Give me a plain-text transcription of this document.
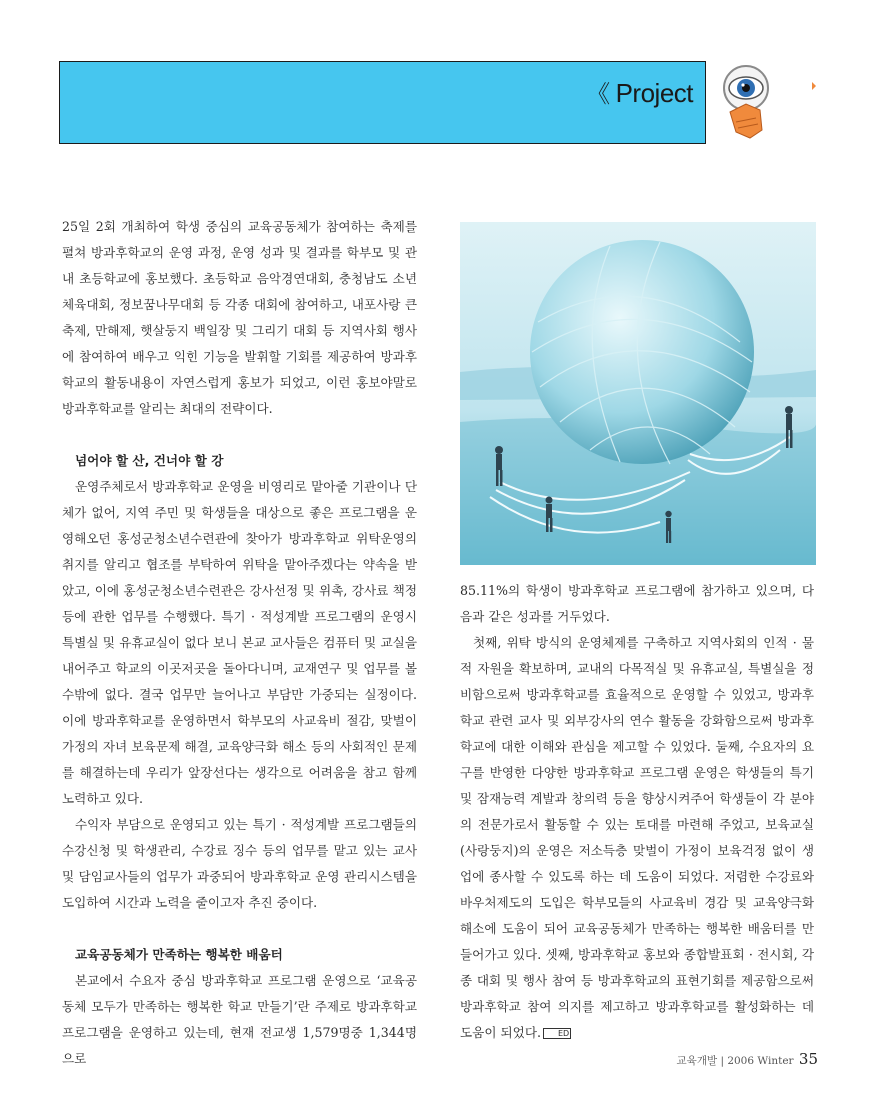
《 Project

25일 2회 개최하여 학생 중심의 교육공동체가 참여하는 축제를 펼쳐 방과후학교의 운영 과정, 운영 성과 및 결과를 학부모 및 관내 초등학교에 홍보했다. 초등학교 음악경연대회, 충청남도 소년체육대회, 정보꿈나무대회 등 각종 대회에 참여하고, 내포사랑 큰 축제, 만해제, 햇살둥지 백일장 및 그리기 대회 등 지역사회 행사에 참여하여 배우고 익힌 기능을 발휘할 기회를 제공하여 방과후학교의 활동내용이 자연스럽게 홍보가 되었고, 이런 홍보야말로 방과후학교를 알리는 최대의 전략이다.

넘어야 할 산, 건너야 할 강

운영주체로서 방과후학교 운영을 비영리로 맡아줄 기관이나 단체가 없어, 지역 주민 및 학생들을 대상으로 좋은 프로그램을 운영해오던 홍성군청소년수련관에 찾아가 방과후학교 위탁운영의 취지를 알리고 협조를 부탁하여 위탁을 맡아주겠다는 약속을 받았고, 이에 홍성군청소년수련관은 강사선정 및 위촉, 강사료 책정 등에 관한 업무를 수행했다. 특기 · 적성계발 프로그램의 운영시 특별실 및 유휴교실이 없다 보니 본교 교사들은 컴퓨터 및 교실을 내어주고 학교의 이곳저곳을 돌아다니며, 교재연구 및 업무를 볼 수밖에 없다. 결국 업무만 늘어나고 부담만 가중되는 실정이다. 이에 방과후학교를 운영하면서 학부모의 사교육비 절감, 맞벌이 가정의 자녀 보육문제 해결, 교육양극화 해소 등의 사회적인 문제를 해결하는데 우리가 앞장선다는 생각으로 어려움을 참고 함께 노력하고 있다.

수익자 부담으로 운영되고 있는 특기 · 적성계발 프로그램들의 수강신청 및 학생관리, 수강료 징수 등의 업무를 맡고 있는 교사 및 담임교사들의 업무가 과중되어 방과후학교 운영 관리시스템을 도입하여 시간과 노력을 줄이고자 추진 중이다.

교육공동체가 만족하는 행복한 배움터

본교에서 수요자 중심 방과후학교 프로그램 운영으로 ‘교육공동체 모두가 만족하는 행복한 학교 만들기’란 주제로 방과후학교 프로그램을 운영하고 있는데, 현재 전교생 1,579명중 1,344명으로

85.11%의 학생이 방과후학교 프로그램에 참가하고 있으며, 다음과 같은 성과를 거두었다.

첫째, 위탁 방식의 운영체제를 구축하고 지역사회의 인적 · 물적 자원을 확보하며, 교내의 다목적실 및 유휴교실, 특별실을 정비함으로써 방과후학교를 효율적으로 운영할 수 있었고, 방과후학교 관련 교사 및 외부강사의 연수 활동을 강화함으로써 방과후학교에 대한 이해와 관심을 제고할 수 있었다. 둘째, 수요자의 요구를 반영한 다양한 방과후학교 프로그램 운영은 학생들의 특기 및 잠재능력 계발과 창의력 등을 향상시켜주어 학생들이 각 분야의 전문가로서 활동할 수 있는 토대를 마련해 주었고, 보육교실(사랑둥지)의 운영은 저소득층 맞벌이 가정이 보육걱정 없이 생업에 종사할 수 있도록 하는 데 도움이 되었다. 저렴한 수강료와 바우처제도의 도입은 학부모들의 사교육비 경감 및 교육양극화 해소에 도움이 되어 교육공동체가 만족하는 행복한 배움터를 만들어가고 있다. 셋째, 방과후학교 홍보와 종합발표회 · 전시회, 각종 대회 및 행사 참여 등 방과후학교의 표현기회를 제공함으로써 방과후학교 참여 의지를 제고하고 방과후학교를 활성화하는 데 도움이 되었다. ED

교육개발 | 2006 Winter 35
